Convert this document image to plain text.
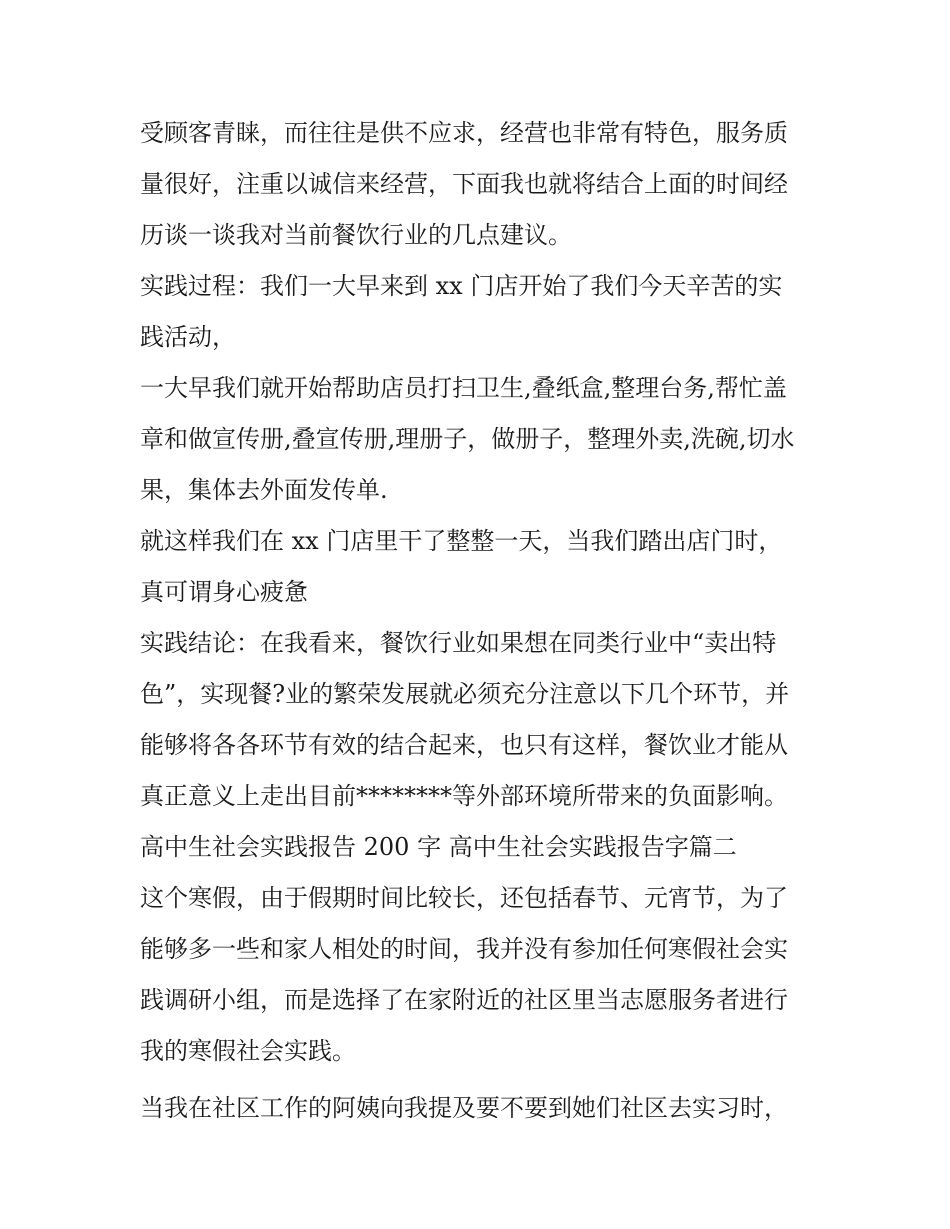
受顾客青睐，而往往是供不应求，经营也非常有特色，服务质
量很好，注重以诚信来经营，下面我也就将结合上面的时间经
历谈一谈我对当前餐饮行业的几点建议。
实践过程：我们一大早来到 xx 门店开始了我们今天辛苦的实
践活动，
一大早我们就开始帮助店员打扫卫生,叠纸盒,整理台务,帮忙盖
章和做宣传册,叠宣传册,理册子，做册子，整理外卖,洗碗,切水
果，集体去外面发传单.
就这样我们在 xx 门店里干了整整一天，当我们踏出店门时，
真可谓身心疲惫
实践结论：在我看来，餐饮行业如果想在同类行业中“卖出特
色”，实现餐?业的繁荣发展就必须充分注意以下几个环节，并
能够将各各环节有效的结合起来，也只有这样，餐饮业才能从
真正意义上走出目前********等外部环境所带来的负面影响。
高中生社会实践报告 200 字 高中生社会实践报告字篇二
这个寒假，由于假期时间比较长，还包括春节、元宵节，为了
能够多一些和家人相处的时间，我并没有参加任何寒假社会实
践调研小组，而是选择了在家附近的社区里当志愿服务者进行
我的寒假社会实践。
当我在社区工作的阿姨向我提及要不要到她们社区去实习时，
